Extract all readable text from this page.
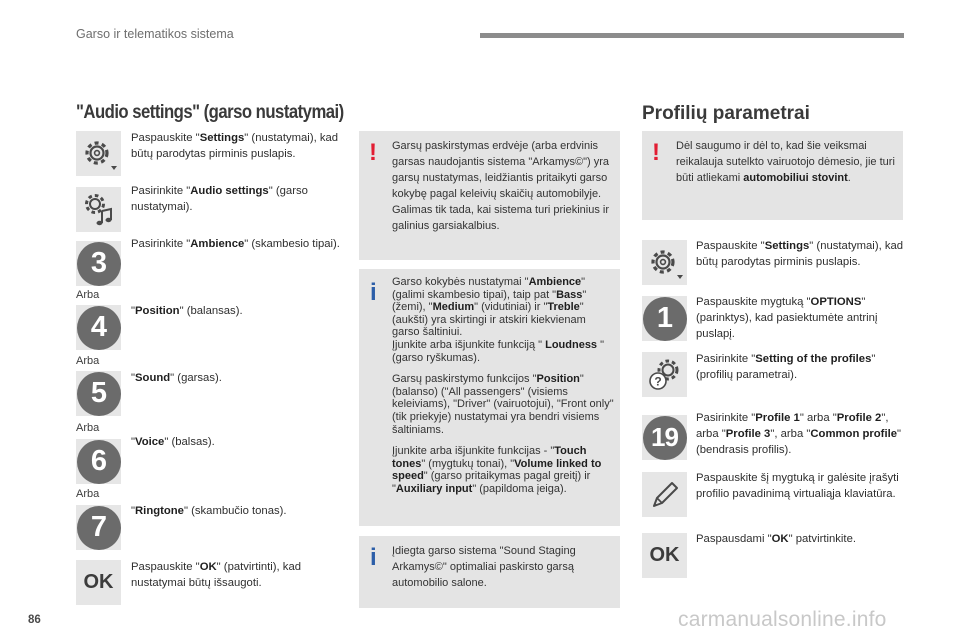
Garso ir telematikos sistema
"Audio settings" (garso nustatymai)
Paspauskite "Settings" (nustatymai), kad būtų parodytas pirminis puslapis.
Pasirinkite "Audio settings" (garso nustatymai).
3
Pasirinkite "Ambience" (skambesio tipai).
Arba
4	"Position" (balansas).
Arba
5	"Sound" (garsas).
Arba
6
"Voice" (balsas).
Arba
7	"Ringtone" (skambučio tonas).
OK
Paspauskite "OK" (patvirtinti), kad nustatymai būtų išsaugoti.
! Garsų paskirstymas erdvėje (arba erdvinis garsas naudojantis sistema "Arkamys©") yra garsų nustatymas, leidžiantis pritaikyti garso kokybę pagal keleivių skaičių automobilyje. Galimas tik tada, kai sistema turi priekinius ir galinius garsiakalbius.
i Garso kokybės nustatymai "Ambience" (galimi skambesio tipai), taip pat "Bass" (žemi), "Medium" (vidutiniai) ir "Treble" (aukšti) yra skirtingi ir atskiri kiekvienam garso šaltiniui.
Įjunkite arba išjunkite funkciją " Loudness " (garso ryškumas).
Garsų paskirstymo funkcijos "Position" (balanso) ("All passengers" (visiems keleiviams), "Driver" (vairuotojui), "Front only" (tik priekyje) nustatymai yra bendri visiems šaltiniams.
Įjunkite arba išjunkite funkcijas - "Touch tones" (mygtukų tonai), "Volume linked to speed" (garso pritaikymas pagal greitį) ir "Auxiliary input" (papildoma įeiga).
i Įdiegta garso sistema "Sound Staging Arkamys©" optimaliai paskirsto garsą automobilio salone.
Profilių parametrai
! Dėl saugumo ir dėl to, kad šie veiksmai reikalauja sutelkto vairuotojo dėmesio, jie turi būti atliekami automobiliui stovint.
Paspauskite "Settings" (nustatymai), kad būtų parodytas pirminis puslapis.
1	Paspauskite mygtuką "OPTIONS" (parinktys), kad pasiektumėte antrinį puslapį.
?
Pasirinkite "Setting of the profiles" (profilių parametrai).
19
Pasirinkite "Profile 1" arba "Profile 2", arba "Profile 3", arba "Common profile" (bendrasis profilis).
Paspauskite šį mygtuką ir galėsite įrašyti profilio pavadinimą virtualiąja klaviatūra.
OK
Paspausdami "OK" patvirtinkite.
86	carmanualsonline.info
